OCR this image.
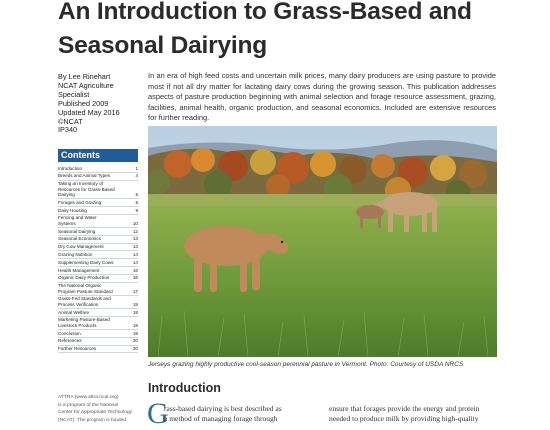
An Introduction to Grass-Based and
Seasonal Dairying
By Lee Rinehart
NCAT Agriculture
Specialist
Published 2009
Updated May 2016
©NCAT
IP340
Contents
Introduction	1
Breeds and Animal Types	4
Taking an Inventory of
Resources for Grass-Based
Dairying	5
Forages and Grazing	5
Dairy Housing	9
Fencing and Water
Systems	10
Seasonal Dairying	12
Seasonal Economics	13
Dry Cow Management	13
Grazing Nutrition	14
Supplementing Dairy Cows	14
Health Management	16
Organic Dairy Production	16
The National Organic
Program Pasture Standard	17
Grass-Fed Standards and
Process Verification	19
Animal Welfare	19
Marketing Pasture-Based
Livestock Products	19
Conclusion	19
References	20
Further Resources	20
ATTRA (www.attra.ncat.org)
is a program of the National
Center for Appropriate Technology
(NCAT). The program is funded

In an era of high feed costs and uncertain milk prices, many dairy producers are using pasture to provide most if not all dry matter for lactating dairy cows during the growing season. This publication addresses aspects of pasture production beginning with animal selection and forage resource assessment, grazing, facilities, animal health, organic production, and seasonal economics. Included are extensive resources for further reading.

Jerseys grazing highly productive cool-season perennial pasture in Vermont. Photo: Courtesy of USDA NRCS
Introduction
G
rass-based dairying is best described as
a method of managing forage through
ensure that forages provide the energy and protein
needed to produce milk by providing high-quality
